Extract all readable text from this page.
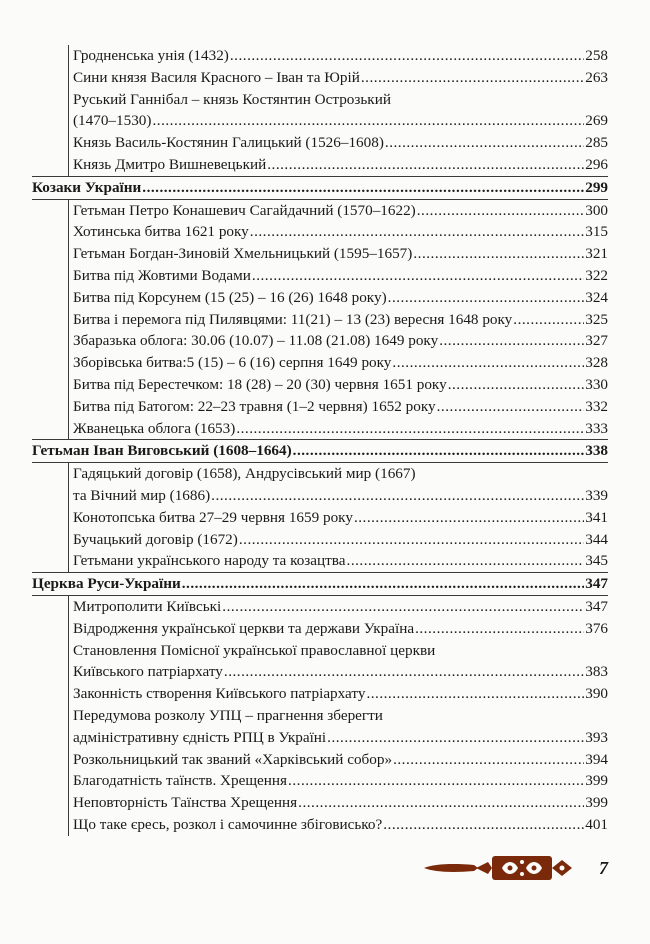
	Гродненська унія (1432) ..... 258

	Сини князя Василя Красного – Іван та Юрій ..... 263

	Руський Ганнібал – князь Костянтин Острозький
(1470–1530) ..... 269

	Князь Василь-Костянин Галицький (1526–1608) ..... 285

	Князь Дмитро Вишневецький ..... 296

Козаки України ..... 299

	Гетьман Петро Конашевич Сагайдачний (1570–1622) ..... 300

	Хотинська битва 1621 року ..... 315

	Гетьман Богдан-Зиновій Хмельницький (1595–1657) ..... 321

	Битва під Жовтими Водами ..... 322

	Битва під Корсунем (15 (25) – 16 (26) 1648 року) ..... 324

	Битва і перемога під Пилявцями: 11(21) – 13 (23) вересня 1648 року ..... 325

	Збаразька облога: 30.06 (10.07) – 11.08 (21.08) 1649 року ..... 327

	Зборівська битва:5 (15) – 6 (16) серпня 1649 року ..... 328

	Битва під Берестечком: 18 (28) – 20 (30) червня 1651 року ..... 330

	Битва під Батогом: 22–23 травня (1–2 червня) 1652 року ..... 332

	Жванецька облога (1653) ..... 333

Гетьман Іван Виговський (1608–1664) ..... 338

	Гадяцький договір (1658), Андрусівський мир (1667)
та Вічний мир (1686) ..... 339

	Конотопська битва 27–29 червня 1659 року ..... 341

	Бучацький договір (1672) ..... 344

	Гетьмани українського народу та козацтва ..... 345

Церква Руси-України ..... 347

	Митрополити Київські ..... 347

	Відродження української церкви та держави Україна ..... 376

	Становлення Помісної української православної церкви
Київського патріархату ..... 383

	Законність створення Київського патріархату ..... 390

	Передумова розколу УПЦ – прагнення зберегти
адміністративну єдність РПЦ в Україні ..... 393

	Розкольницький так званий «Харківський собор» ..... 394

	Благодатність таїнств. Хрещення ..... 399

	Неповторність Таїнства Хрещення ..... 399

	Що таке єресь, розкол і самочинне збіговисько? ..... 401
7
